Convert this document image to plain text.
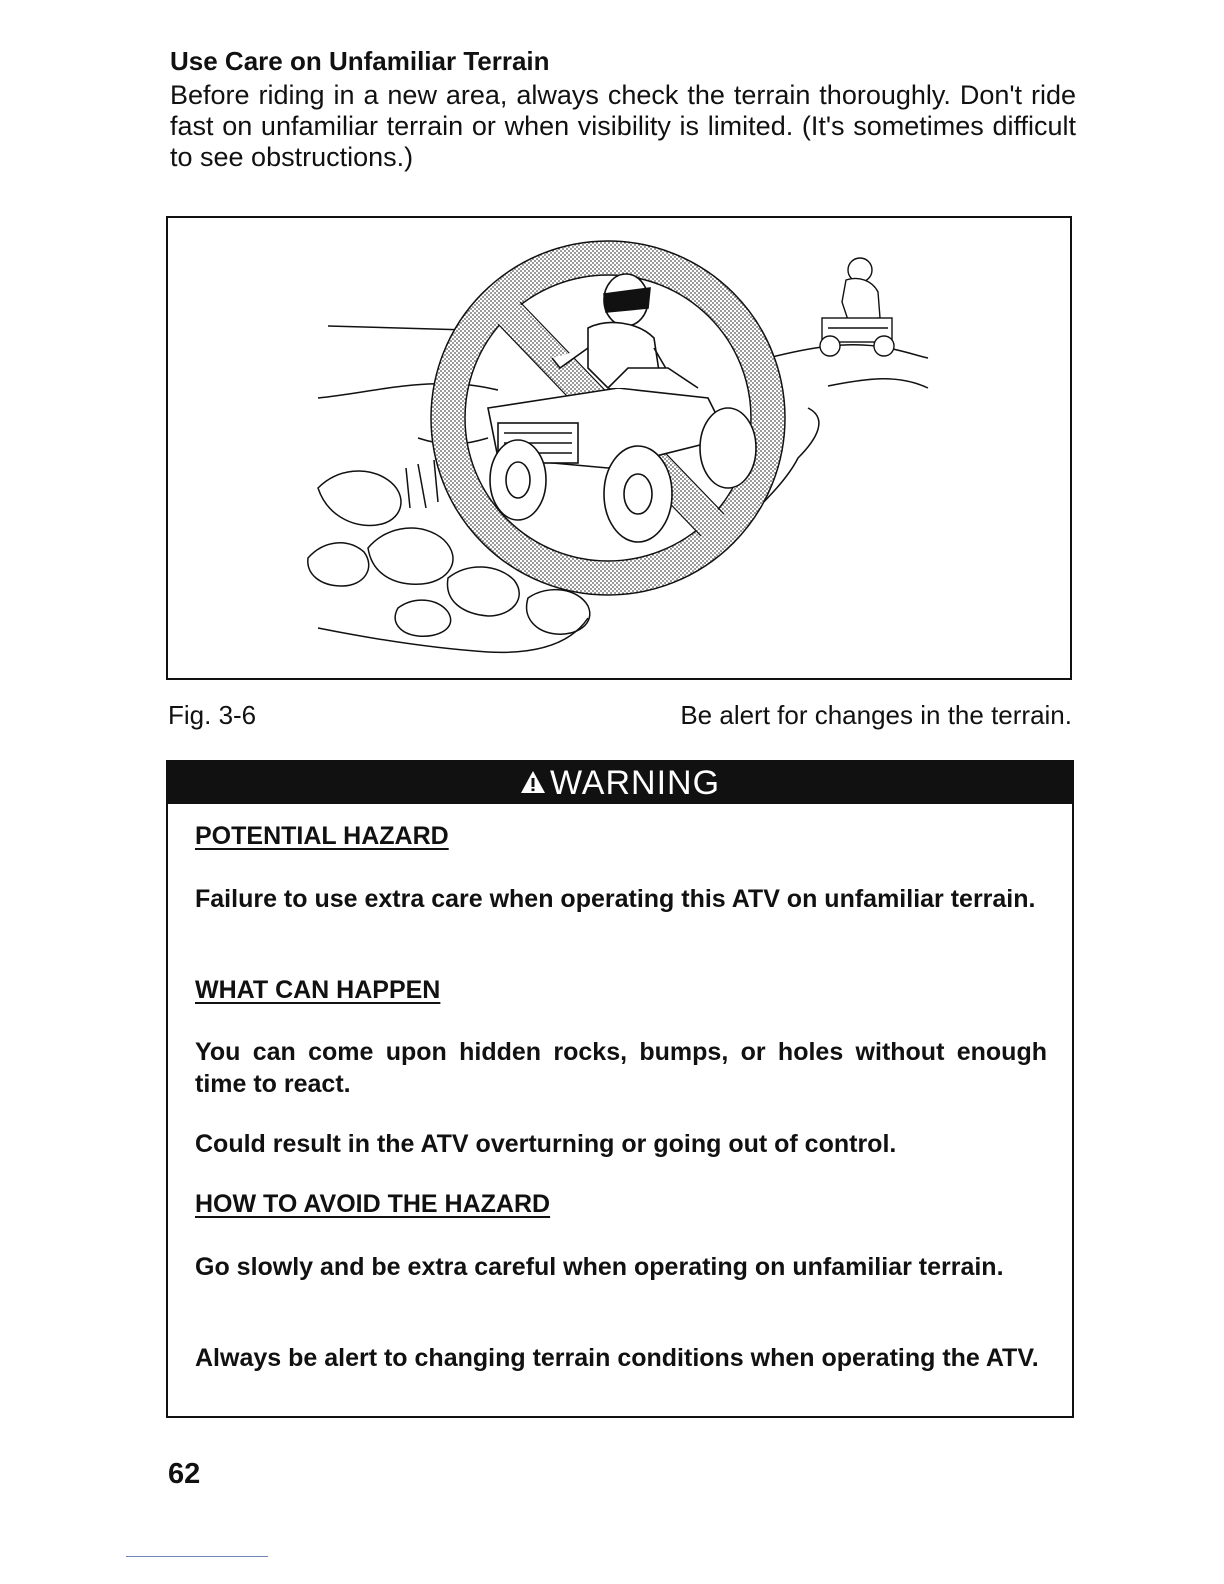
Use Care on Unfamiliar Terrain

Before riding in a new area, always check the terrain thoroughly. Don't ride fast on unfamiliar terrain or when visibility is limited. (It's sometimes difficult to see obstructions.)

Fig. 3-6	Be alert for changes in the terrain.

WARNING

POTENTIAL HAZARD

Failure to use extra care when operating this ATV on unfamiliar terrain.

WHAT CAN HAPPEN

You can come upon hidden rocks, bumps, or holes without enough time to react.

Could result in the ATV overturning or going out of control.

HOW TO AVOID THE HAZARD

Go slowly and be extra careful when operating on unfamiliar terrain.

Always be alert to changing terrain conditions when operating the ATV.

62
